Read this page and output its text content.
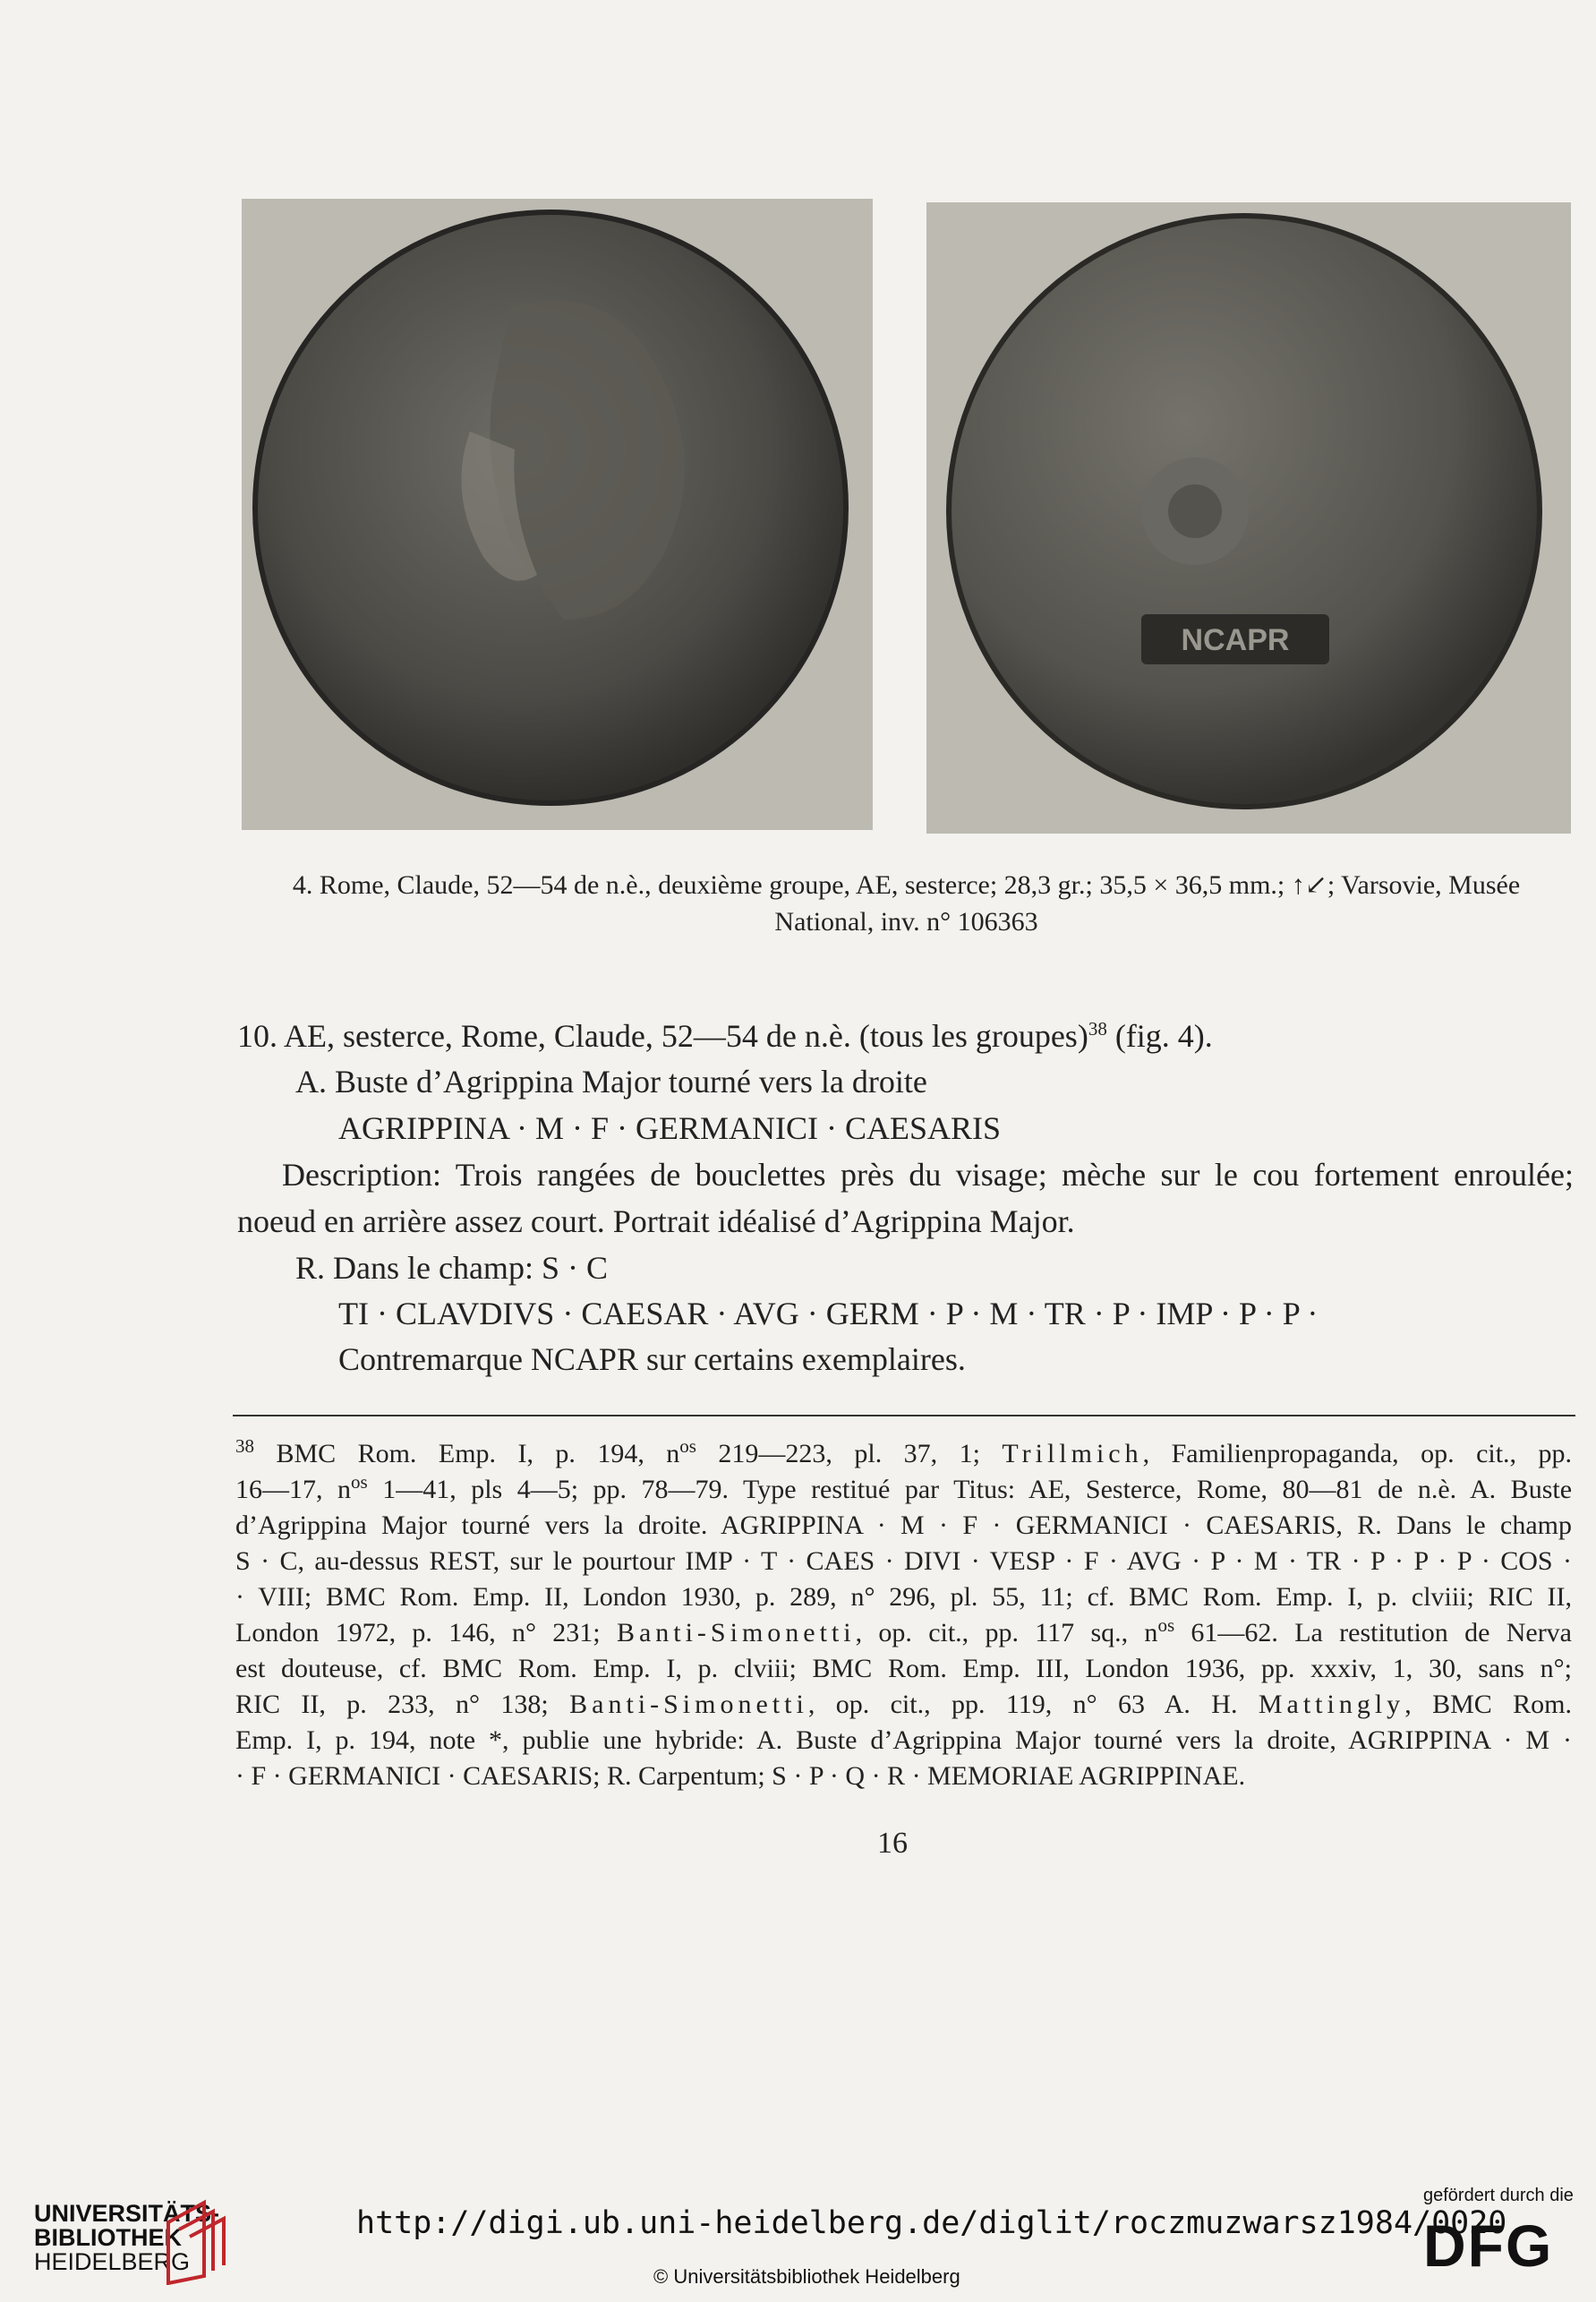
NCAPR
4. Rome, Claude, 52—54 de n.è., deuxième groupe, AE, sesterce; 28,3 gr.; 35,5 × 36,5 mm.; ↑↙; Varsovie, Musée
National, inv. n° 106363
10. AE, sesterce, Rome, Claude, 52—54 de n.è. (tous les groupes)$^{38}$ (fig. 4).
A. Buste d’Agrippina Major tourné vers la droite
AGRIPPINA · M · F · GERMANICI · CAESARIS
Description: Trois rangées de bouclettes près du visage; mèche sur le cou fortement enroulée;
noeud en arrière assez court. Portrait idéalisé d’Agrippina Major.
R. Dans le champ: S · C
TI · CLAVDIVS · CAESAR · AVG · GERM · P · M · TR · P · IMP · P · P ·
Contremarque NCAPR sur certains exemplaires.
$^{38}$ BMC Rom. Emp. I, p. 194, $n^{os}$ 219—223, pl. 37, 1; Trillmich, Familienpropaganda, op. cit., pp.
16—17, $n^{os}$ 1—41, pls 4—5; pp. 78—79. Type restitué par Titus: AE, Sesterce, Rome, 80—81 de n.è. A. Buste
d’Agrippina Major tourné vers la droite. AGRIPPINA · M · F · GERMANICI · CAESARIS, R. Dans le champ
S · C, au-dessus REST, sur le pourtour IMP · T · CAES · DIVI · VESP · F · AVG · P · M · TR · P · P · P · COS ·
· VIII; BMC Rom. Emp. II, London 1930, p. 289, n° 296, pl. 55, 11; cf. BMC Rom. Emp. I, p. clviii; RIC II,
London 1972, p. 146, n° 231; Banti-Simonetti, op. cit., pp. 117 sq., $n^{os}$ 61—62. La restitution de Nerva
est douteuse, cf. BMC Rom. Emp. I, p. clviii; BMC Rom. Emp. III, London 1936, pp. xxxiv, 1, 30, sans n°;
RIC II, p. 233, n° 138; Banti-Simonetti, op. cit., pp. 119, n° 63 A. H. Mattingly, BMC Rom.
Emp. I, p. 194, note *, publie une hybride: A. Buste d’Agrippina Major tourné vers la droite, AGRIPPINA · M ·
· F · GERMANICI · CAESARIS; R. Carpentum; S · P · Q · R · MEMORIAE AGRIPPINAE.
16
UNIVERSITÄTS-
BIBLIOTHEK
HEIDELBERG
http://digi.ub.uni-heidelberg.de/diglit/roczmuzwarsz1984/0020
© Universitätsbibliothek Heidelberg
gefördert durch die
DFG
